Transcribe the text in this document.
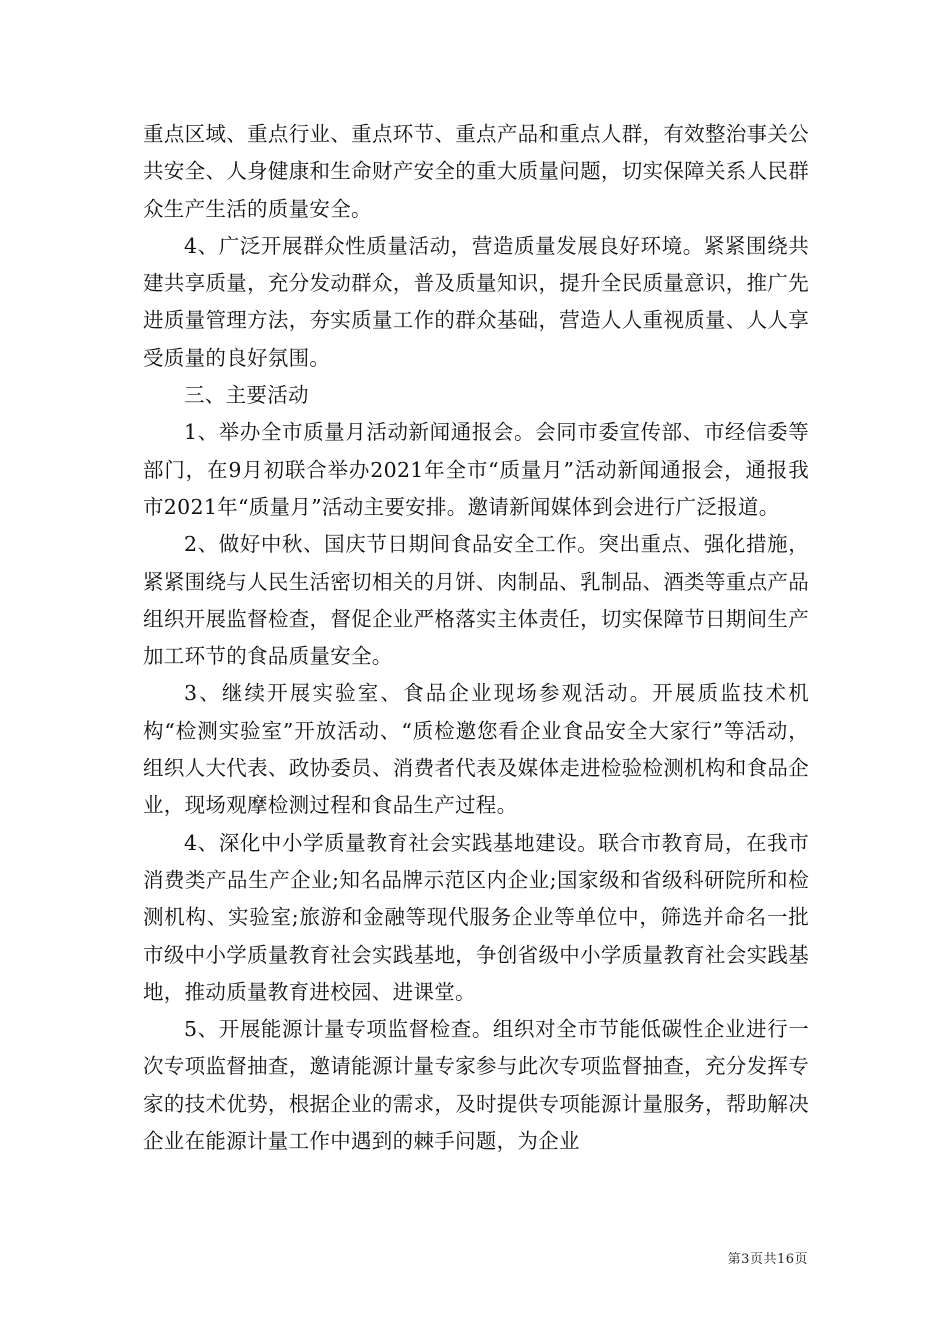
重点区域、重点行业、重点环节、重点产品和重点人群，有效整治事关公共安全、人身健康和生命财产安全的重大质量问题，切实保障关系人民群众生产生活的质量安全。

4、广泛开展群众性质量活动，营造质量发展良好环境。紧紧围绕共建共享质量，充分发动群众，普及质量知识，提升全民质量意识，推广先进质量管理方法，夯实质量工作的群众基础，营造人人重视质量、人人享受质量的良好氛围。

三、主要活动

1、举办全市质量月活动新闻通报会。会同市委宣传部、市经信委等部门，在9月初联合举办2021年全市“质量月”活动新闻通报会，通报我市2021年“质量月”活动主要安排。邀请新闻媒体到会进行广泛报道。

2、做好中秋、国庆节日期间食品安全工作。突出重点、强化措施，紧紧围绕与人民生活密切相关的月饼、肉制品、乳制品、酒类等重点产品组织开展监督检查，督促企业严格落实主体责任，切实保障节日期间生产加工环节的食品质量安全。

3、继续开展实验室、食品企业现场参观活动。开展质监技术机构“检测实验室”开放活动、“质检邀您看企业食品安全大家行”等活动，组织人大代表、政协委员、消费者代表及媒体走进检验检测机构和食品企业，现场观摩检测过程和食品生产过程。

4、深化中小学质量教育社会实践基地建设。联合市教育局，在我市消费类产品生产企业;知名品牌示范区内企业;国家级和省级科研院所和检测机构、实验室;旅游和金融等现代服务企业等单位中，筛选并命名一批市级中小学质量教育社会实践基地，争创省级中小学质量教育社会实践基地，推动质量教育进校园、进课堂。

5、开展能源计量专项监督检查。组织对全市节能低碳性企业进行一次专项监督抽查，邀请能源计量专家参与此次专项监督抽查，充分发挥专家的技术优势，根据企业的需求，及时提供专项能源计量服务，帮助解决企业在能源计量工作中遇到的棘手问题，为企业

第3页共16页
